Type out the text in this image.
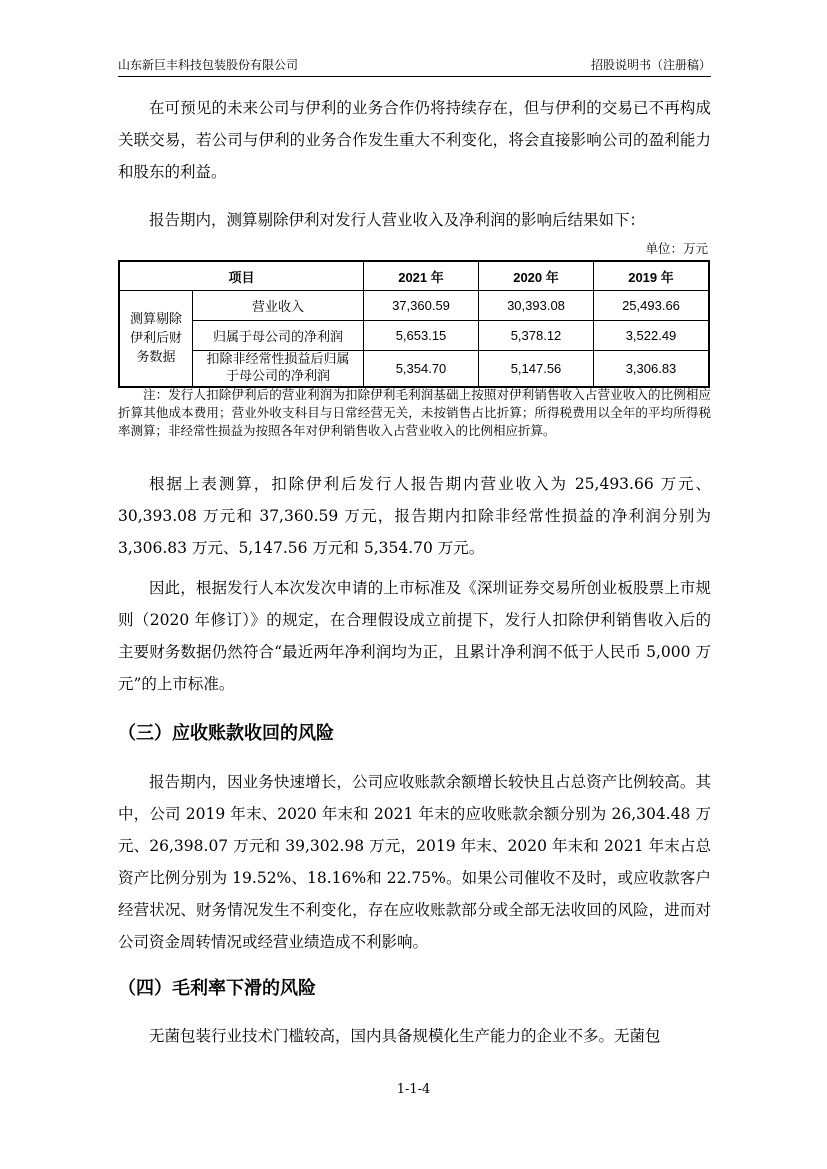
山东新巨丰科技包装股份有限公司	招股说明书（注册稿）

在可预见的未来公司与伊利的业务合作仍将持续存在，但与伊利的交易已不再构成关联交易，若公司与伊利的业务合作发生重大不利变化，将会直接影响公司的盈利能力和股东的利益。

报告期内，测算剔除伊利对发行人营业收入及净利润的影响后结果如下：

单位：万元
项目		2021 年	2020 年	2019 年
测算剔除伊利后财务数据	营业收入	37,360.59	30,393.08	25,493.66
	归属于母公司的净利润	5,653.15	5,378.12	3,522.49
	扣除非经常性损益后归属于母公司的净利润	5,354.70	5,147.56	3,306.83

注：发行人扣除伊利后的营业利润为扣除伊利毛利润基础上按照对伊利销售收入占营业收入的比例相应折算其他成本费用；营业外收支科目与日常经营无关，未按销售占比折算；所得税费用以全年的平均所得税率测算；非经常性损益为按照各年对伊利销售收入占营业收入的比例相应折算。

根据上表测算，扣除伊利后发行人报告期内营业收入为 25,493.66 万元、30,393.08 万元和 37,360.59 万元，报告期内扣除非经常性损益的净利润分别为 3,306.83 万元、5,147.56 万元和 5,354.70 万元。

因此，根据发行人本次发次申请的上市标准及《深圳证券交易所创业板股票上市规则（2020 年修订）》的规定，在合理假设成立前提下，发行人扣除伊利销售收入后的主要财务数据仍然符合“最近两年净利润均为正，且累计净利润不低于人民币 5,000 万元”的上市标准。

（三）应收账款收回的风险

报告期内，因业务快速增长，公司应收账款余额增长较快且占总资产比例较高。其中，公司 2019 年末、2020 年末和 2021 年末的应收账款余额分别为 26,304.48 万元、26,398.07 万元和 39,302.98 万元，2019 年末、2020 年末和 2021 年末占总资产比例分别为 19.52%、18.16%和 22.75%。如果公司催收不及时，或应收款客户经营状况、财务情况发生不利变化，存在应收账款部分或全部无法收回的风险，进而对公司资金周转情况或经营业绩造成不利影响。

（四）毛利率下滑的风险

无菌包装行业技术门槛较高，国内具备规模化生产能力的企业不多。无菌包

1-1-4
